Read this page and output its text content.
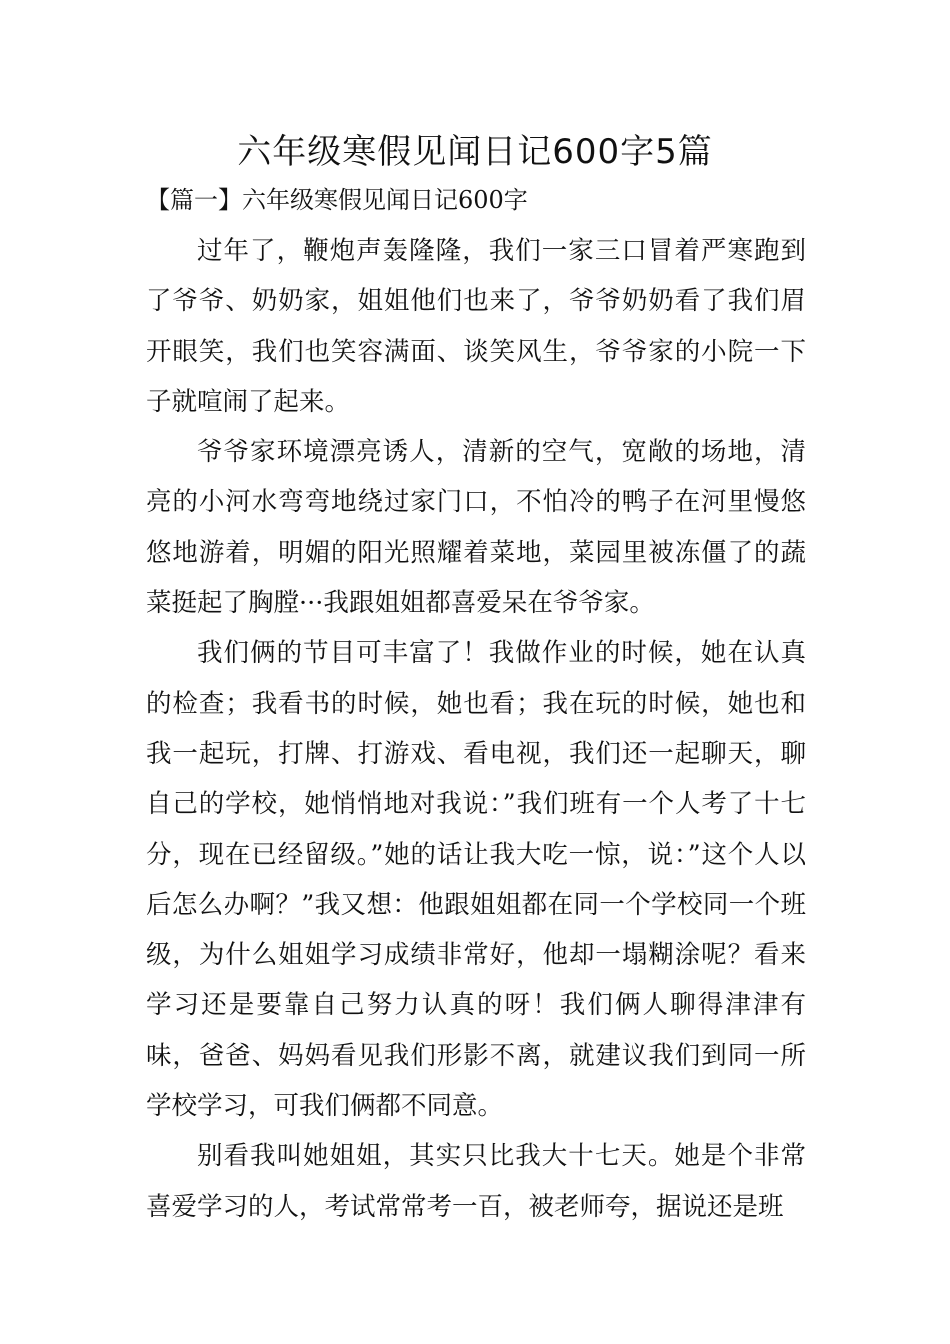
六年级寒假见闻日记600字5篇
【篇一】六年级寒假见闻日记600字

过年了，鞭炮声轰隆隆，我们一家三口冒着严寒跑到了爷爷、奶奶家，姐姐他们也来了，爷爷奶奶看了我们眉开眼笑，我们也笑容满面、谈笑风生，爷爷家的小院一下子就喧闹了起来。

爷爷家环境漂亮诱人，清新的空气，宽敞的场地，清亮的小河水弯弯地绕过家门口，不怕冷的鸭子在河里慢悠悠地游着，明媚的阳光照耀着菜地，菜园里被冻僵了的蔬菜挺起了胸膛···我跟姐姐都喜爱呆在爷爷家。

我们俩的节目可丰富了！我做作业的时候，她在认真的检查；我看书的时候，她也看；我在玩的时候，她也和我一起玩，打牌、打游戏、看电视，我们还一起聊天，聊自己的学校，她悄悄地对我说：”我们班有一个人考了十七分，现在已经留级。”她的话让我大吃一惊，说：”这个人以后怎么办啊？”我又想：他跟姐姐都在同一个学校同一个班级，为什么姐姐学习成绩非常好，他却一塌糊涂呢？看来学习还是要靠自己努力认真的呀！我们俩人聊得津津有味，爸爸、妈妈看见我们形影不离，就建议我们到同一所学校学习，可我们俩都不同意。

别看我叫她姐姐，其实只比我大十七天。她是个非常喜爱学习的人，考试常常考一百，被老师夸，据说还是班
